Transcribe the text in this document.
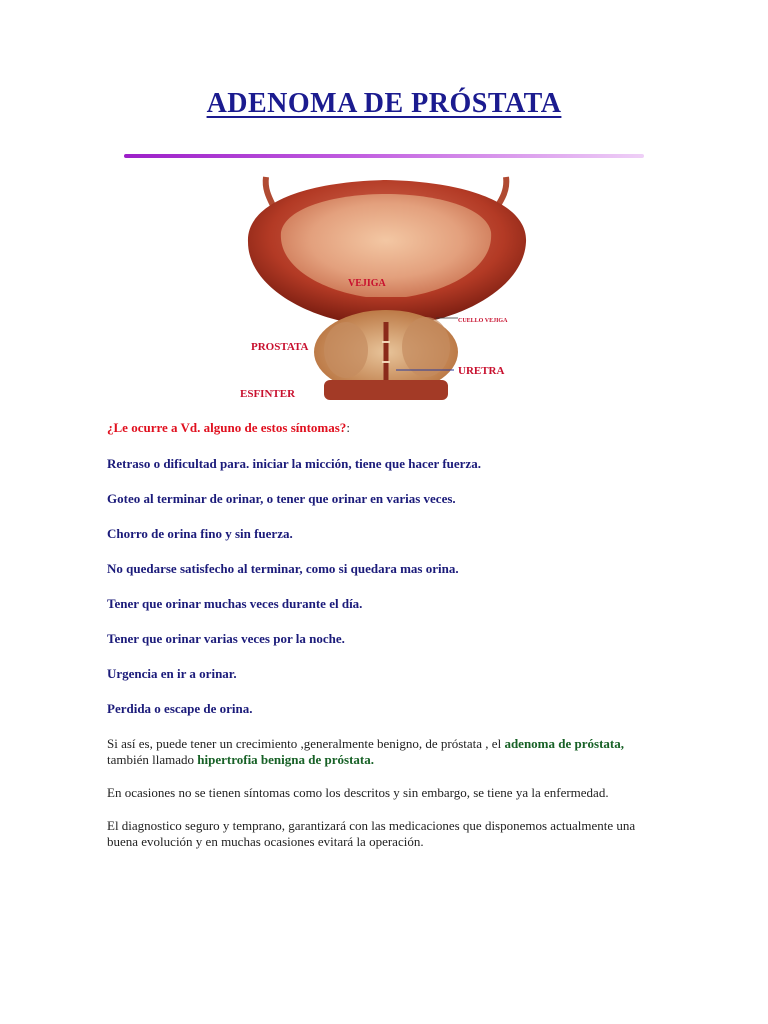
ADENOMA DE PRÓSTATA
VEJIGA
CUELLO VEJIGA
PROSTATA
URETRA
ESFINTER

¿Le ocurre a Vd. alguno de estos síntomas?:

Retraso o dificultad para. iniciar la micción, tiene que hacer fuerza.

Goteo al terminar de orinar, o tener que orinar en varias veces.

Chorro de orina fino y sin fuerza.

No quedarse satisfecho al terminar, como si quedara mas orina.

Tener que orinar muchas veces durante el día.

Tener que orinar varias veces por la noche.

Urgencia en ir a orinar.

Perdida o escape de orina.

Si así es, puede tener un crecimiento ,generalmente benigno, de próstata , el adenoma de próstata, también llamado hipertrofia benigna de próstata.

En ocasiones no se tienen síntomas como los descritos y sin embargo, se tiene ya la enfermedad.

El diagnostico seguro y temprano, garantizará con las medicaciones que disponemos actualmente una buena evolución y en muchas ocasiones evitará la operación.
